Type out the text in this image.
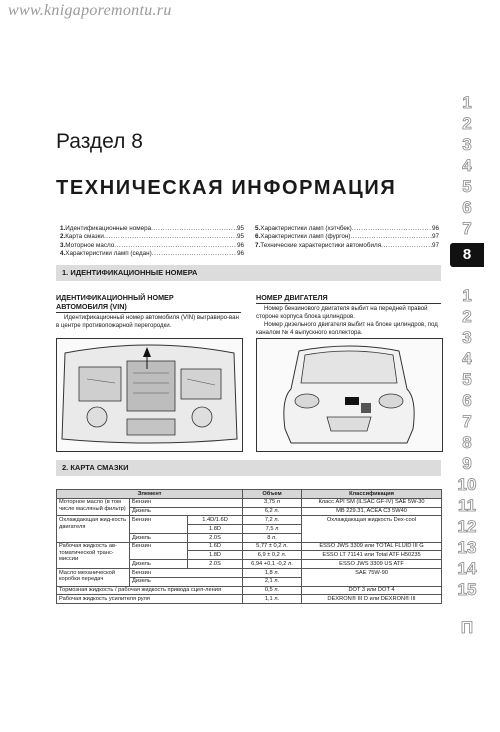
www.knigaporemontu.ru
Раздел 8
ТЕХНИЧЕСКАЯ ИНФОРМАЦИЯ
1. Идентификационные номера .....	95
2. Карта смазки .....	95
3. Моторное масло .....	96
4. Характеристики ламп (седан) .....	96
5. Характеристики ламп (хэтчбек) .....	96
6. Характеристики ламп (фургон) .....	97
7. Технические характеристики автомобиля .....	97
1. ИДЕНТИФИКАЦИОННЫЕ НОМЕРА
ИДЕНТИФИКАЦИОННЫЙ НОМЕР
АВТОМОБИЛЯ (VIN)
Идентификационный номер автомобиля (VIN) выгравиро-ван в центре противопожарной перегородки.
НОМЕР ДВИГАТЕЛЯ
Номер бензинового двигателя выбит на передней правой стороне корпуса блока цилиндров.
Номер дизельного двигателя выбит на блоке цилиндров, под каналом № 4 выпускного коллектора.
2. КАРТА СМАЗКИ
Элемент			Объем	Классификация
Моторное масло (в том числе масляный фильтр)	Бензин		3,75 л	Класс API SM (ILSAC GF-IV) SAE 5W-30
	Дизель		6,2 л.	MB 229.31, ACEA C3 5W40
Охлаждающая жид-кость двигателя	Бензин	1.4D/1.6D	7,2 л.	Охлаждающая жидкость Dex-cool
		1.8D	7,5 л	
	Дизель	2.0S	8 л.	
Рабочая жидкость ав-томатической транс-миссии	Бензин	1.6D	5,77 ± 0,2 л.	ESSO JWS 3309 или TOTAL FLUID III G
		1.8D	6,9 ± 0,2 л.	ESSO LT 71141 или Total ATF H50235
	Дизель	2.0S	6,94 +0,1 -0,2 л.	ESSO JWS 3309 US ATF
Масло механической коробки передач	Бензин		1,8 л.	SAE 75W-90
	Дизель		2,1 л.	
Тормозная жидкость / рабочая жидкость привода сцеп-ления			0,5 л.	DOT 3 или DOT 4
Рабочая жидкость усилителя руля			1,1 л.	DEXRON® III D или DEXRON® III
1
2
3
4
5
6
7
8
1
2
3
4
5
6
7
8
9
10
11
12
13
14
15
П
